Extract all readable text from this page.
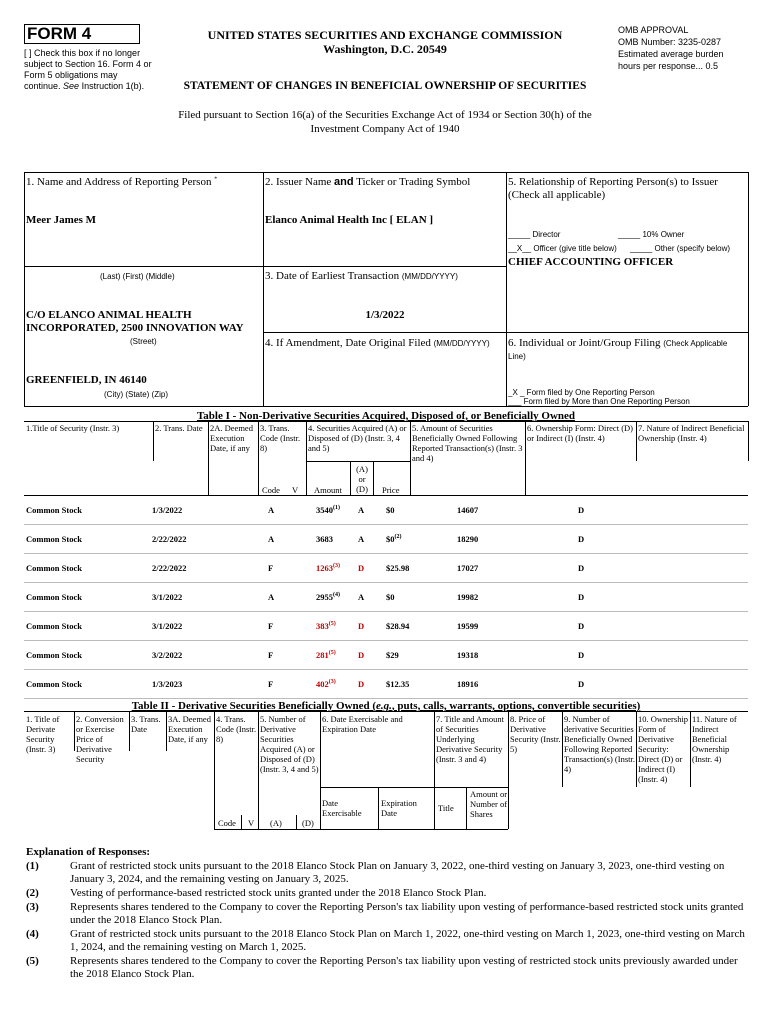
FORM 4
[ ] Check this box if no longer subject to Section 16. Form 4 or Form 5 obligations may continue. See Instruction 1(b).
UNITED STATES SECURITIES AND EXCHANGE COMMISSION
Washington, D.C. 20549
STATEMENT OF CHANGES IN BENEFICIAL OWNERSHIP OF SECURITIES
OMB APPROVAL
OMB Number: 3235-0287
Estimated average burden
hours per response... 0.5
Filed pursuant to Section 16(a) of the Securities Exchange Act of 1934 or Section 30(h) of the
Investment Company Act of 1940
1. Name and Address of Reporting Person *
Meer James M
(Last) (First) (Middle)
C/O ELANCO ANIMAL HEALTH INCORPORATED, 2500 INNOVATION WAY
(Street)
GREENFIELD, IN 46140
(City) (State) (Zip)
2. Issuer Name and Ticker or Trading Symbol
Elanco Animal Health Inc [ ELAN ]
3. Date of Earliest Transaction (MM/DD/YYYY)
1/3/2022
4. If Amendment, Date Original Filed (MM/DD/YYYY)
5. Relationship of Reporting Person(s) to Issuer
(Check all applicable)
_____ Director	_____ 10% Owner
__X__ Officer (give title below) _____ Other (specify below)
CHIEF ACCOUNTING OFFICER
6. Individual or Joint/Group Filing (Check Applicable
Line)
_X _ Form filed by One Reporting Person
___ Form filed by More than One Reporting Person
Table I - Non-Derivative Securities Acquired, Disposed of, or Beneficially Owned
1.Title of Security (Instr. 3)	2. Trans. Date 2A. Deemed Execution Date, if any
3. Trans. Code (Instr. 8)
4. Securities Acquired (A) or Disposed of (D) (Instr. 3, 4 and 5)
5. Amount of Securities Beneficially Owned Following Reported Transaction(s) (Instr. 3 and 4)
6. Ownership Form: Direct (D) or Indirect (I) (Instr. 4)
7. Nature of Indirect Beneficial Ownership (Instr. 4)
Code V Amount
(A) or (D)	Price
Common Stock	1/3/2022	A	3540$^{(1)}$ A	$0	14607	D
Common Stock	2/22/2022	A	3683	A	$0$^{(2)}$	18290	D
Common Stock	2/22/2022	F	1263$^{(3)}$ D	$25.98	17027	D
Common Stock	3/1/2022	A	2955$^{(4)}$ A	$0	19982	D
Common Stock	3/1/2022	F	383$^{(5)}$	D	$28.94	19599	D
Common Stock	3/2/2022	F	281$^{(5)}$	D	$29	19318	D
Common Stock	1/3/2023	F	402$^{(3)}$	D	$12.35	18916	D
Table II - Derivative Securities Beneficially Owned (e.g., puts, calls, warrants, options, convertible securities)
1. Title of Derivate Security (Instr. 3)
2. Conversion or Exercise Price of Derivative Security
3. Trans. Date
3A. Deemed Execution Date, if any
4. Trans. Code (Instr. 8)
5. Number of Derivative Securities Acquired (A) or Disposed of (D) (Instr. 3, 4 and 5)
6. Date Exercisable and Expiration Date
7. Title and Amount of Securities Underlying Derivative Security (Instr. 3 and 4)
8. Price of Derivative Security (Instr. 5)
9. Number of derivative Securities Beneficially Owned Following Reported Transaction(s) (Instr. 4)
10. Ownership Form of Derivative Security: Direct (D) or Indirect (I) (Instr. 4)
11. Nature of Indirect Beneficial Ownership (Instr. 4)
Code V (A) (D)
Date Exercisable
Expiration Date	Title
Amount or Number of Shares
Explanation of Responses:
(1)	Grant of restricted stock units pursuant to the 2018 Elanco Stock Plan on January 3, 2022, one-third vesting on January 3, 2023, one-third vesting on January 3, 2024, and the remaining vesting on January 3, 2025.
(2)	Vesting of performance-based restricted stock units granted under the 2018 Elanco Stock Plan.
(3)	Represents shares tendered to the Company to cover the Reporting Person's tax liability upon vesting of performance-based restricted stock units granted under the 2018 Elanco Stock Plan.
(4)	Grant of restricted stock units pursuant to the 2018 Elanco Stock Plan on March 1, 2022, one-third vesting on March 1, 2023, one-third vesting on March 1, 2024, and the remaining vesting on March 1, 2025.
(5)	Represents shares tendered to the Company to cover the Reporting Person's tax liability upon vesting of restricted stock units previously awarded under the 2018 Elanco Stock Plan.
